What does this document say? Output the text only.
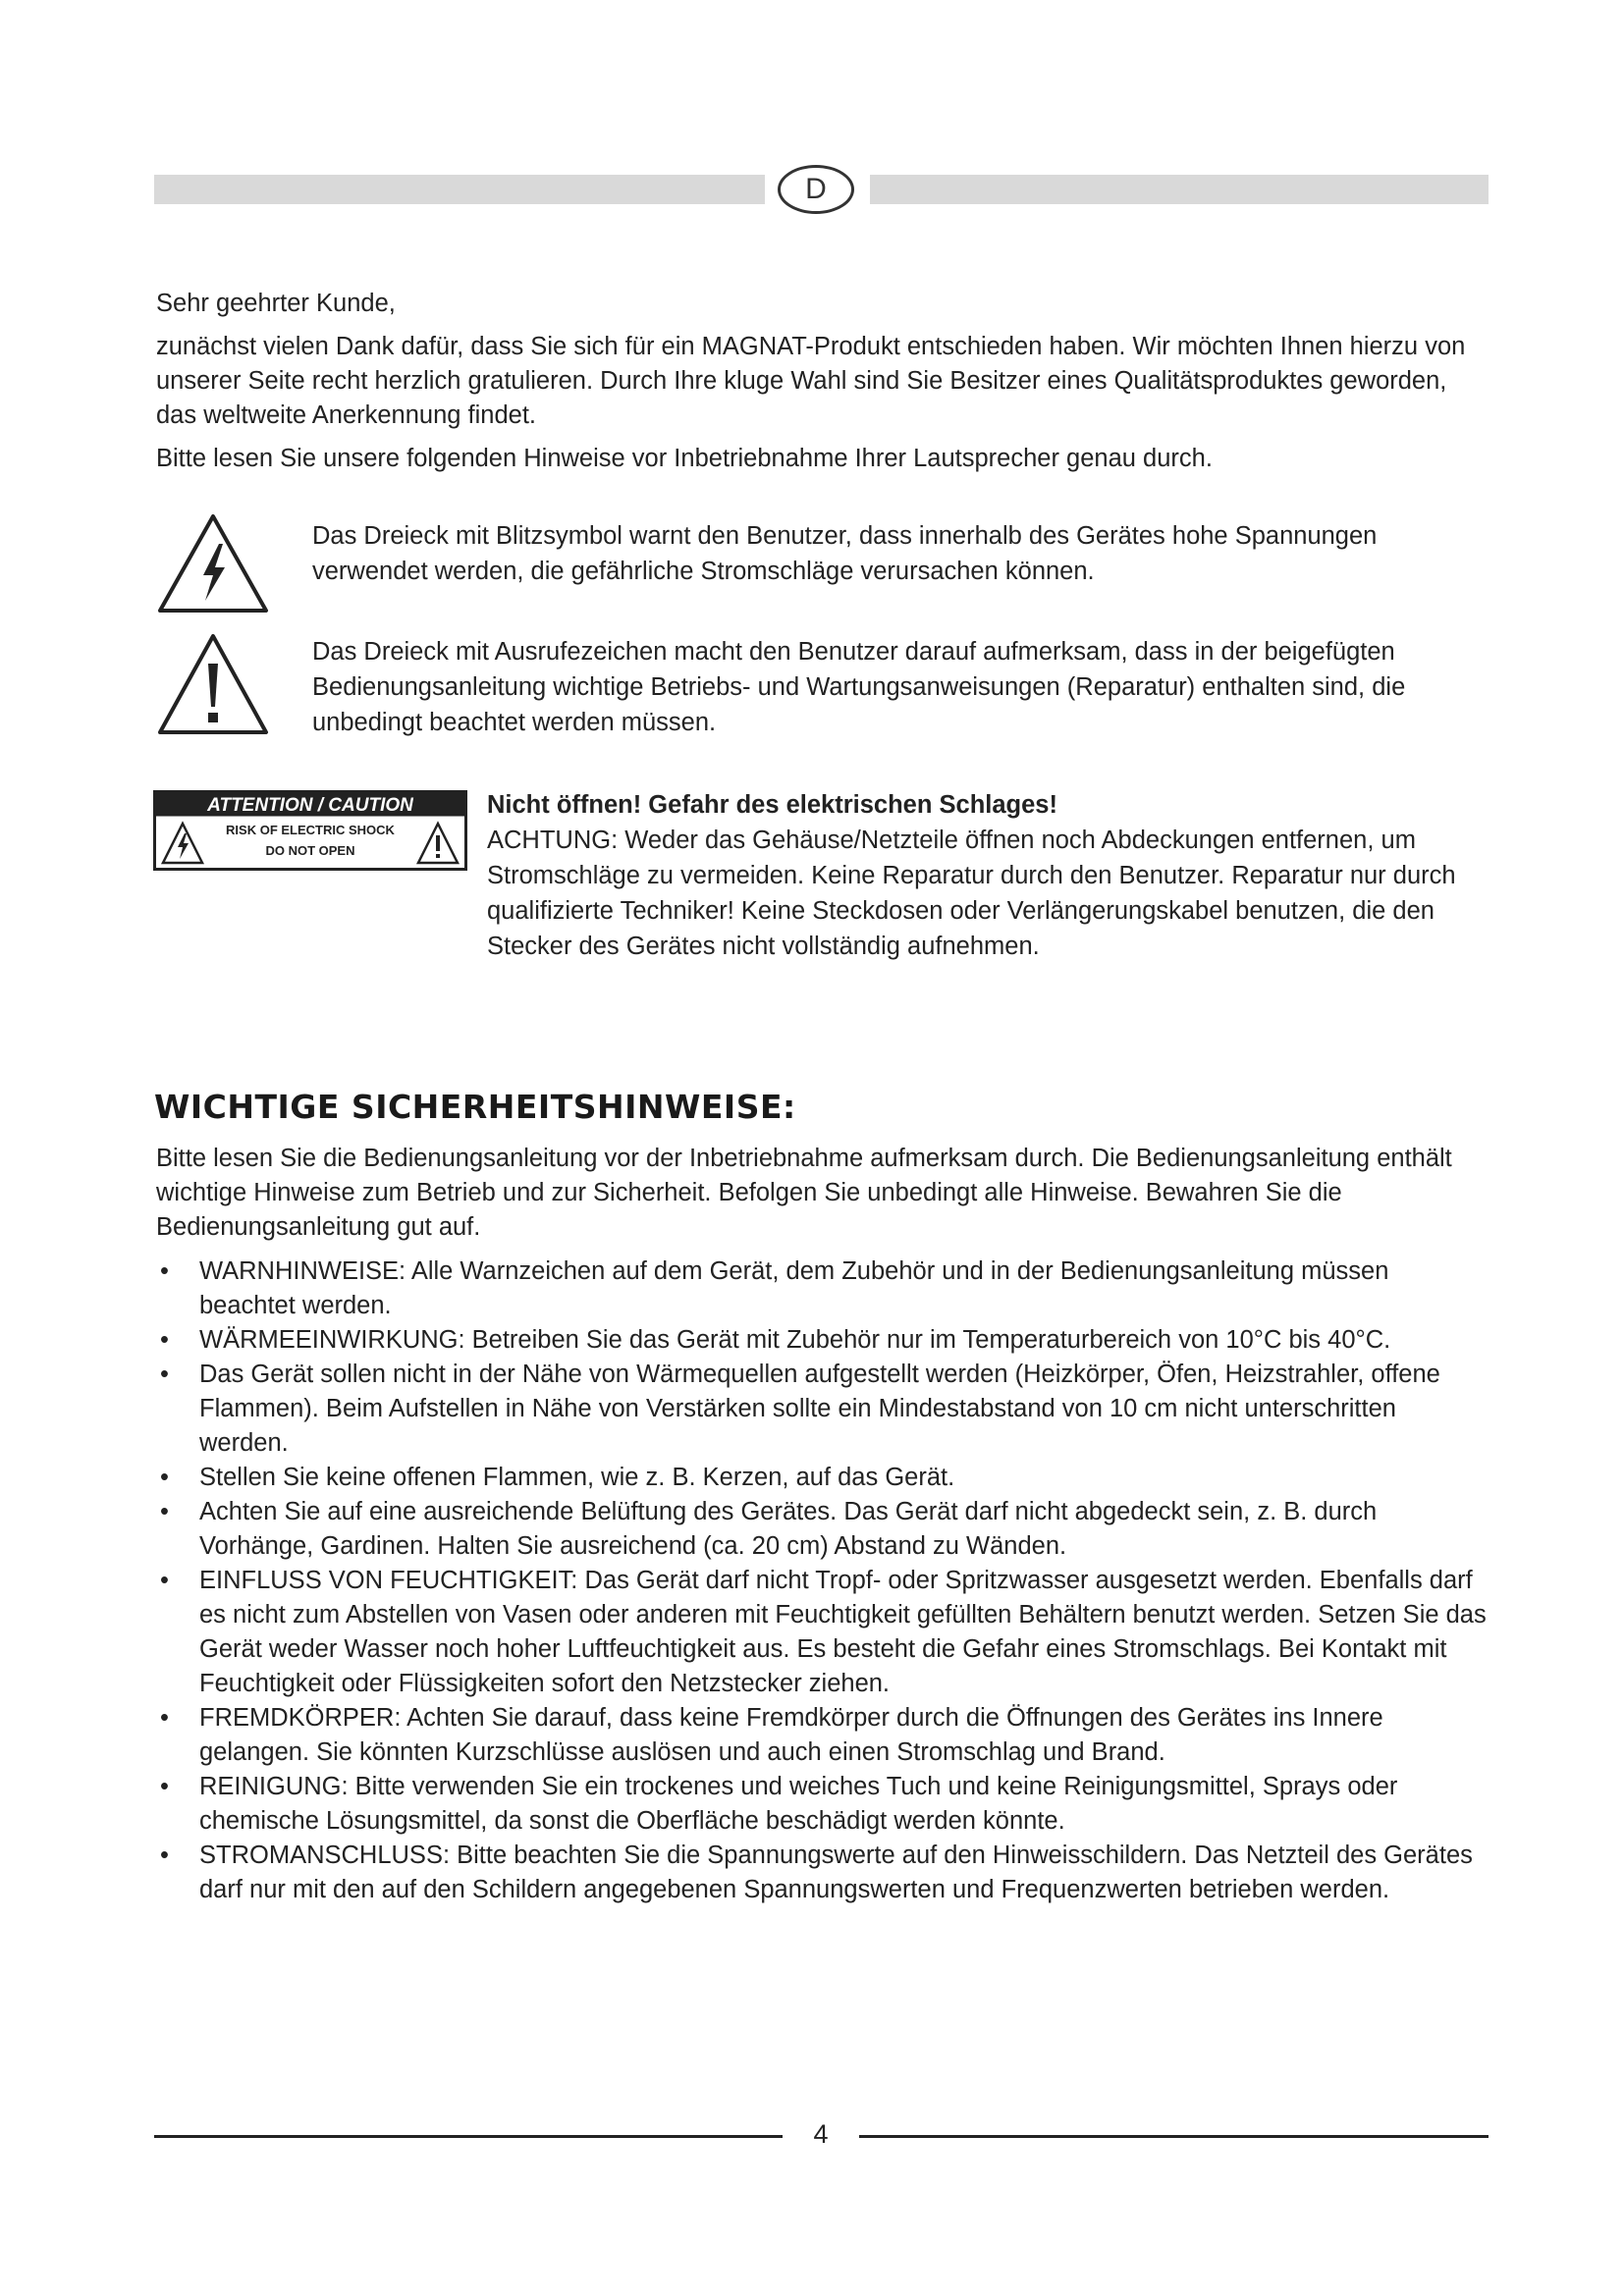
D

Sehr geehrter Kunde,

zunächst vielen Dank dafür, dass Sie sich für ein MAGNAT-Produkt entschieden haben. Wir möchten Ihnen hierzu von unserer Seite recht herzlich gratulieren. Durch Ihre kluge Wahl sind Sie Besitzer eines Qualitätsproduktes geworden, das weltweite Anerkennung findet.

Bitte lesen Sie unsere folgenden Hinweise vor Inbetriebnahme Ihrer Lautsprecher genau durch.

Das Dreieck mit Blitzsymbol warnt den Benutzer, dass innerhalb des Gerätes hohe Spannungen verwendet werden, die gefährliche Stromschläge verursachen können.

Das Dreieck mit Ausrufezeichen macht den Benutzer darauf aufmerksam, dass in der beigefügten Bedienungsanleitung wichtige Betriebs- und Wartungsanweisungen (Reparatur) enthalten sind, die unbedingt beachtet werden müssen.

ATTENTION / CAUTION
RISK OF ELECTRIC SHOCK
DO NOT OPEN
Nicht öffnen! Gefahr des elektrischen Schlages!
ACHTUNG: Weder das Gehäuse/Netzteile öffnen noch Abdeckungen entfernen, um Stromschläge zu vermeiden. Keine Reparatur durch den Benutzer. Reparatur nur durch qualifizierte Techniker! Keine Steckdosen oder Verlängerungskabel benutzen, die den Stecker des Gerätes nicht vollständig aufnehmen.
WICHTIGE SICHERHEITSHINWEISE:

Bitte lesen Sie die Bedienungsanleitung vor der Inbetriebnahme aufmerksam durch. Die Bedienungsanleitung enthält wichtige Hinweise zum Betrieb und zur Sicherheit. Befolgen Sie unbedingt alle Hinweise. Bewahren Sie die Bedienungsanleitung gut auf.

• WARNHINWEISE: Alle Warnzeichen auf dem Gerät, dem Zubehör und in der Bedienungsanleitung müssen beachtet werden.
• WÄRMEEINWIRKUNG: Betreiben Sie das Gerät mit Zubehör nur im Temperaturbereich von 10°C bis 40°C.
• Das Gerät sollen nicht in der Nähe von Wärmequellen aufgestellt werden (Heizkörper, Öfen, Heizstrahler, offene Flammen). Beim Aufstellen in Nähe von Verstärken sollte ein Mindestabstand von 10 cm nicht unterschritten werden.
• Stellen Sie keine offenen Flammen, wie z. B. Kerzen, auf das Gerät.
• Achten Sie auf eine ausreichende Belüftung des Gerätes. Das Gerät darf nicht abgedeckt sein, z. B. durch Vorhänge, Gardinen. Halten Sie ausreichend (ca. 20 cm) Abstand zu Wänden.
• EINFLUSS VON FEUCHTIGKEIT: Das Gerät darf nicht Tropf- oder Spritzwasser ausgesetzt werden. Ebenfalls darf es nicht zum Abstellen von Vasen oder anderen mit Feuchtigkeit gefüllten Behältern benutzt werden. Setzen Sie das Gerät weder Wasser noch hoher Luftfeuchtigkeit aus. Es besteht die Gefahr eines Stromschlags. Bei Kontakt mit Feuchtigkeit oder Flüssigkeiten sofort den Netzstecker ziehen.
• FREMDKÖRPER: Achten Sie darauf, dass keine Fremdkörper durch die Öffnungen des Gerätes ins Innere gelangen. Sie könnten Kurzschlüsse auslösen und auch einen Stromschlag und Brand.
• REINIGUNG: Bitte verwenden Sie ein trockenes und weiches Tuch und keine Reinigungsmittel, Sprays oder chemische Lösungsmittel, da sonst die Oberfläche beschädigt werden könnte.
• STROMANSCHLUSS: Bitte beachten Sie die Spannungswerte auf den Hinweisschildern. Das Netzteil des Gerätes darf nur mit den auf den Schildern angegebenen Spannungswerten und Frequenzwerten betrieben werden.
4
